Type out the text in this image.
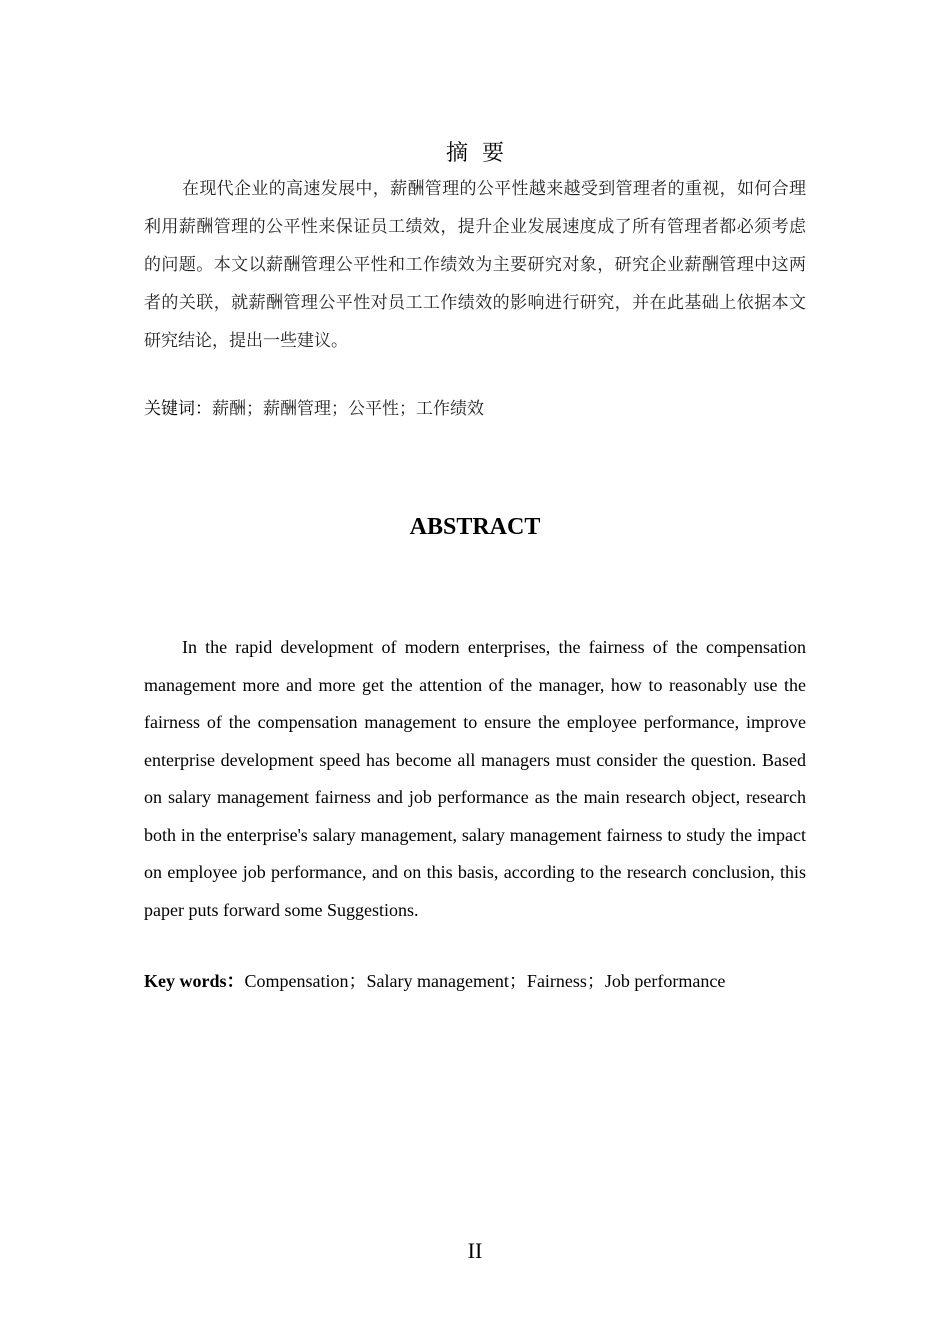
摘要
在现代企业的高速发展中，薪酬管理的公平性越来越受到管理者的重视，如何合理利用薪酬管理的公平性来保证员工绩效，提升企业发展速度成了所有管理者都必须考虑的问题。本文以薪酬管理公平性和工作绩效为主要研究对象，研究企业薪酬管理中这两者的关联，就薪酬管理公平性对员工工作绩效的影响进行研究，并在此基础上依据本文研究结论，提出一些建议。
关键词：薪酬；薪酬管理；公平性；工作绩效
ABSTRACT
In the rapid development of modern enterprises, the fairness of the compensation management more and more get the attention of the manager, how to reasonably use the fairness of the compensation management to ensure the employee performance, improve enterprise development speed has become all managers must consider the question. Based on salary management fairness and job performance as the main research object, research both in the enterprise's salary management, salary management fairness to study the impact on employee job performance, and on this basis, according to the research conclusion, this paper puts forward some Suggestions.
Key words：Compensation；Salary management；Fairness；Job performance
II
